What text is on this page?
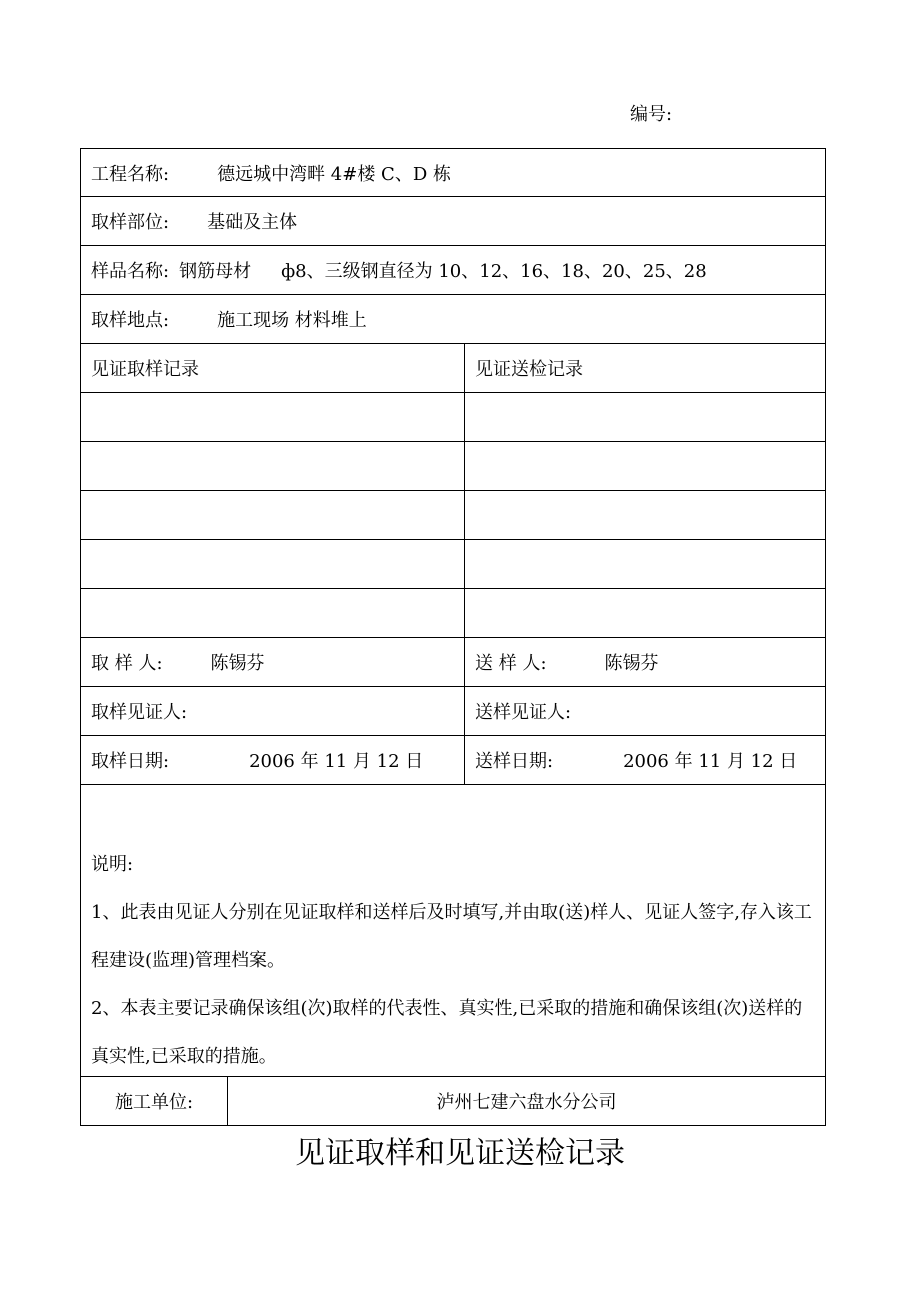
编号:
工程名称:	德远城中湾畔 4#楼 C、D 栋
取样部位: 基础及主体
样品名称: 钢筋母材 ф8、三级钢直径为 10、12、16、18、20、25、28
取样地点:	施工现场 材料堆上
见证取样记录	见证送检记录
取 样 人:	陈锡芬	送 样 人:	陈锡芬
取样见证人:	送样见证人:
取样日期:	2006 年 11 月 12 日	送样日期:	2006 年 11 月 12 日
说明:
1、此表由见证人分别在见证取样和送样后及时填写,并由取(送)样人、见证人签字,存入该工程建设(监理)管理档案。
2、本表主要记录确保该组(次)取样的代表性、真实性,已采取的措施和确保该组(次)送样的真实性,已采取的措施。
施工单位:	泸州七建六盘水分公司
见证取样和见证送检记录
